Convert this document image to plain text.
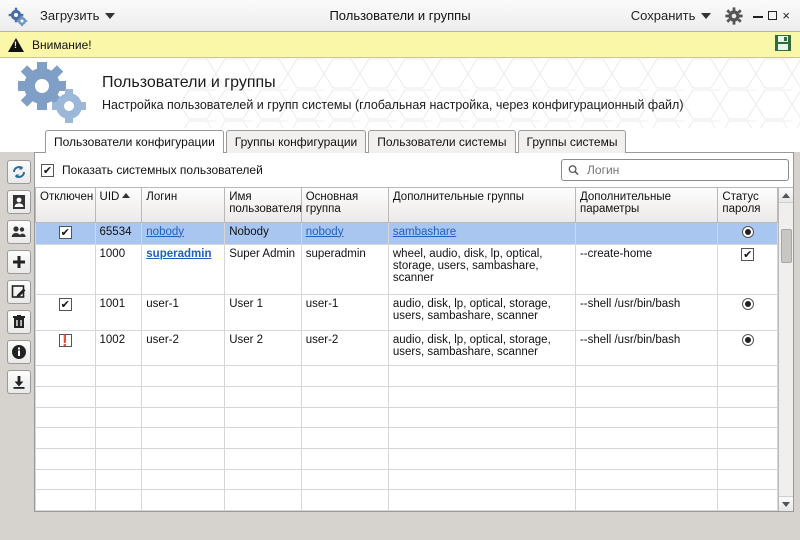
Загрузить	Пользователи и группы	Сохранить	×
!
Внимание!
Пользователи и группы
Настройка пользователей и групп системы (глобальная настройка, через конфигурационный файл)
Пользователи конфигурации	Группы конфигурации	Пользователи системы	Группы системы
✔ Показать системных пользователей
Логин
Отключен	UID	Логин	Имя пользователя	Основная группа	Дополнительные группы	Дополнительные параметры	Статус пароля
✔	65534	nobody	Nobody	nobody	sambashare		
	1000	superadmin	Super Admin	superadmin	wheel, audio, disk, lp, optical, storage, users, sambashare, scanner	--create-home	✔
✔	1001	user-1	User 1	user-1	audio, disk, lp, optical, storage, users, sambashare, scanner	--shell /usr/bin/bash	
❗	1002	user-2	User 2	user-2	audio, disk, lp, optical, storage, users, sambashare, scanner	--shell /usr/bin/bash	
